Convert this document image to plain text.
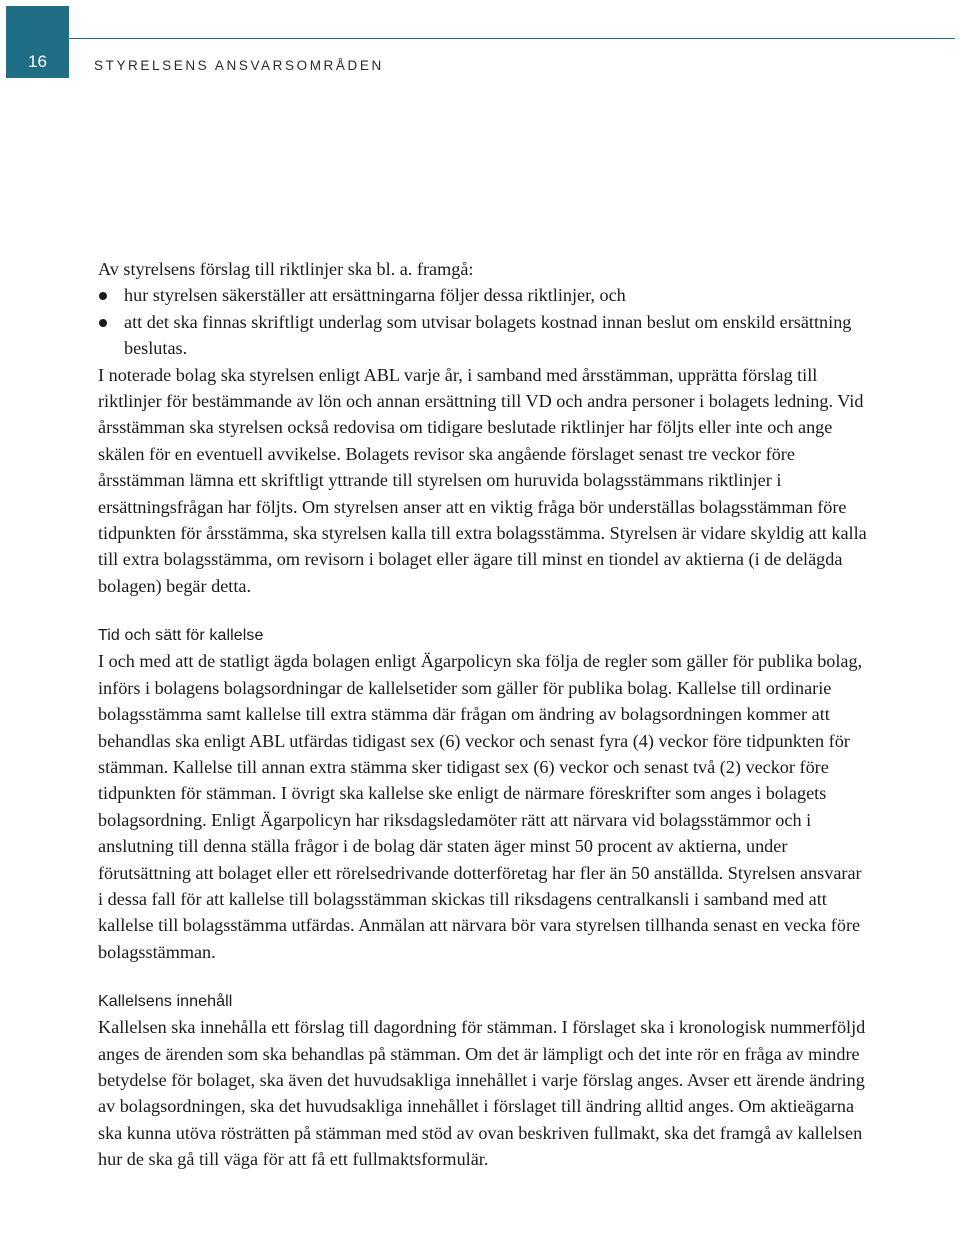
16	STYRELSENS ANSVARSOMRÅDEN

Av styrelsens förslag till riktlinjer ska bl. a. framgå:

hur styrelsen säkerställer att ersättningarna följer dessa riktlinjer, och
att det ska finnas skriftligt underlag som utvisar bolagets kostnad innan beslut om enskild ersättning beslutas.

I noterade bolag ska styrelsen enligt ABL varje år, i samband med årsstämman, upprätta förslag till riktlinjer för bestämmande av lön och annan ersättning till VD och andra personer i bolagets ledning. Vid årsstämman ska styrelsen också redovisa om tidigare beslutade riktlinjer har följts eller inte och ange skälen för en eventuell avvikelse. Bolagets revisor ska angående förslaget senast tre veckor före årsstämman lämna ett skriftligt yttrande till styrelsen om huruvida bolagsstämmans riktlinjer i ersättningsfrågan har följts. Om styrelsen anser att en viktig fråga bör underställas bolagsstämman före tidpunkten för årsstämma, ska styrelsen kalla till extra bolagsstämma. Styrelsen är vidare skyldig att kalla till extra bolagsstämma, om revisorn i bolaget eller ägare till minst en tiondel av aktierna (i de delägda bolagen) begär detta.

Tid och sätt för kallelse

I och med att de statligt ägda bolagen enligt Ägarpolicyn ska följa de regler som gäller för publika bolag, införs i bolagens bolagsordningar de kallelsetider som gäller för publika bolag. Kallelse till ordinarie bolagsstämma samt kallelse till extra stämma där frågan om ändring av bolagsordningen kommer att behandlas ska enligt ABL utfärdas tidigast sex (6) veckor och senast fyra (4) veckor före tidpunkten för stämman. Kallelse till annan extra stämma sker tidigast sex (6) veckor och senast två (2) veckor före tidpunkten för stämman. I övrigt ska kallelse ske enligt de närmare föreskrifter som anges i bolagets bolagsordning. Enligt Ägarpolicyn har riksdagsledamöter rätt att närvara vid bolagsstämmor och i anslutning till denna ställa frågor i de bolag där staten äger minst 50 procent av aktierna, under förutsättning att bolaget eller ett rörelsedrivande dotterföretag har fler än 50 anställda. Styrelsen ansvarar i dessa fall för att kallelse till bolagsstämman skickas till riksdagens centralkansli i samband med att kallelse till bolagsstämma utfärdas. Anmälan att närvara bör vara styrelsen tillhanda senast en vecka före bolagsstämman.

Kallelsens innehåll

Kallelsen ska innehålla ett förslag till dagordning för stämman. I förslaget ska i kronologisk nummerföljd anges de ärenden som ska behandlas på stämman. Om det är lämpligt och det inte rör en fråga av mindre betydelse för bolaget, ska även det huvudsakliga innehållet i varje förslag anges. Avser ett ärende ändring av bolagsordningen, ska det huvudsakliga innehållet i förslaget till ändring alltid anges. Om aktieägarna ska kunna utöva rösträtten på stämman med stöd av ovan beskriven fullmakt, ska det framgå av kallelsen hur de ska gå till väga för att få ett fullmaktsformulär.
